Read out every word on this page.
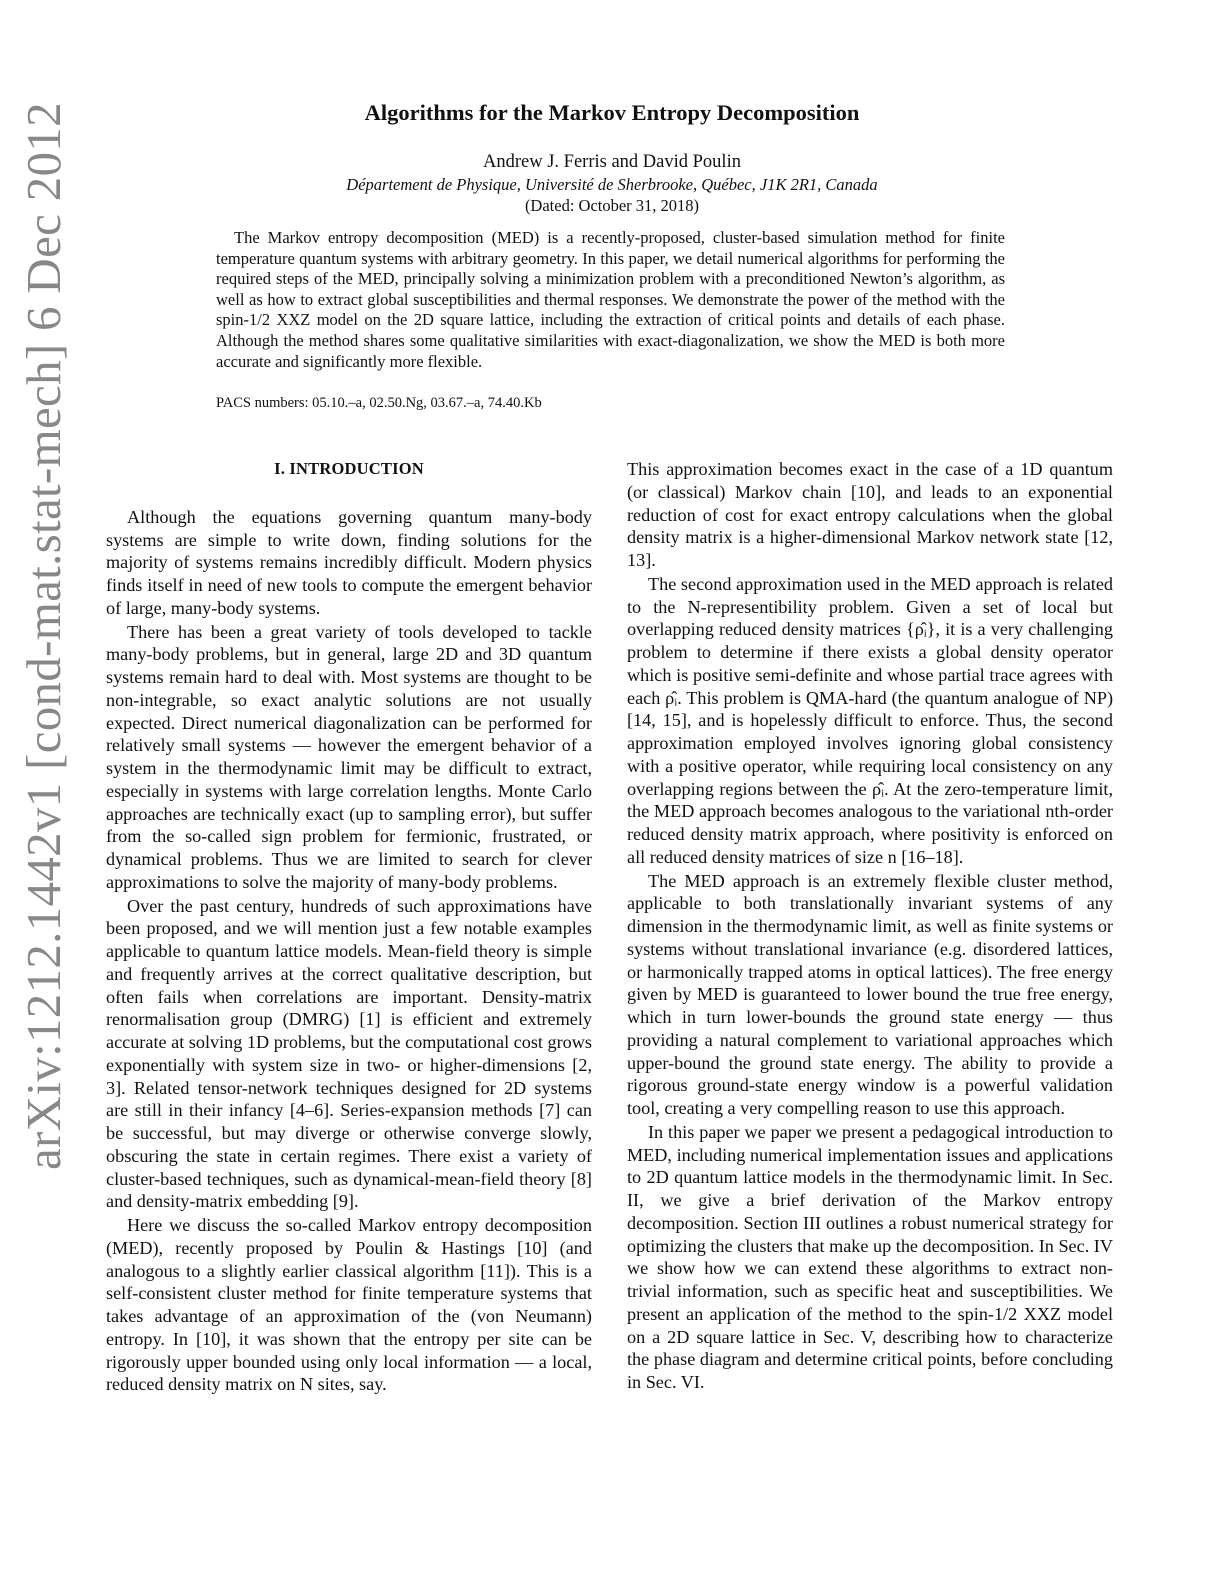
arXiv:1212.1442v1 [cond-mat.stat-mech] 6 Dec 2012	Algorithms for the Markov Entropy Decomposition
Andrew J. Ferris and David Poulin
Département de Physique, Université de Sherbrooke, Québec, J1K 2R1, Canada
(Dated: October 31, 2018)
The Markov entropy decomposition (MED) is a recently-proposed, cluster-based simulation method for finite temperature quantum systems with arbitrary geometry. In this paper, we detail numerical algorithms for performing the required steps of the MED, principally solving a minimization problem with a preconditioned Newton’s algorithm, as well as how to extract global susceptibilities and thermal responses. We demonstrate the power of the method with the spin-1/2 XXZ model on the 2D square lattice, including the extraction of critical points and details of each phase. Although the method shares some qualitative similarities with exact-diagonalization, we show the MED is both more accurate and significantly more flexible.
PACS numbers: 05.10.–a, 02.50.Ng, 03.67.–a, 74.40.Kb
I. INTRODUCTION

Although the equations governing quantum many-body systems are simple to write down, finding solutions for the majority of systems remains incredibly difficult. Modern physics finds itself in need of new tools to compute the emergent behavior of large, many-body systems.

There has been a great variety of tools developed to tackle many-body problems, but in general, large 2D and 3D quantum systems remain hard to deal with. Most systems are thought to be non-integrable, so exact analytic solutions are not usually expected. Direct numerical diagonalization can be performed for relatively small systems — however the emergent behavior of a system in the thermodynamic limit may be difficult to extract, especially in systems with large correlation lengths. Monte Carlo approaches are technically exact (up to sampling error), but suffer from the so-called sign problem for fermionic, frustrated, or dynamical problems. Thus we are limited to search for clever approximations to solve the majority of many-body problems.

Over the past century, hundreds of such approximations have been proposed, and we will mention just a few notable examples applicable to quantum lattice models. Mean-field theory is simple and frequently arrives at the correct qualitative description, but often fails when correlations are important. Density-matrix renormalisation group (DMRG) [1] is efficient and extremely accurate at solving 1D problems, but the computational cost grows exponentially with system size in two- or higher-dimensions [2, 3]. Related tensor-network techniques designed for 2D systems are still in their infancy [4–6]. Series-expansion methods [7] can be successful, but may diverge or otherwise converge slowly, obscuring the state in certain regimes. There exist a variety of cluster-based techniques, such as dynamical-mean-field theory [8] and density-matrix embedding [9].

Here we discuss the so-called Markov entropy decomposition (MED), recently proposed by Poulin & Hastings [10] (and analogous to a slightly earlier classical algorithm [11]). This is a self-consistent cluster method for finite temperature systems that takes advantage of an approximation of the (von Neumann) entropy. In [10], it was shown that the entropy per site can be rigorously upper bounded using only local information — a local, reduced density matrix on N sites, say.

This approximation becomes exact in the case of a 1D quantum (or classical) Markov chain [10], and leads to an exponential reduction of cost for exact entropy calculations when the global density matrix is a higher-dimensional Markov network state [12, 13].

The second approximation used in the MED approach is related to the N-representibility problem. Given a set of local but overlapping reduced density matrices {ρ̂ᵢ}, it is a very challenging problem to determine if there exists a global density operator which is positive semi-definite and whose partial trace agrees with each ρ̂ᵢ. This problem is QMA-hard (the quantum analogue of NP) [14, 15], and is hopelessly difficult to enforce. Thus, the second approximation employed involves ignoring global consistency with a positive operator, while requiring local consistency on any overlapping regions between the ρ̂ᵢ. At the zero-temperature limit, the MED approach becomes analogous to the variational nth-order reduced density matrix approach, where positivity is enforced on all reduced density matrices of size n [16–18].

The MED approach is an extremely flexible cluster method, applicable to both translationally invariant systems of any dimension in the thermodynamic limit, as well as finite systems or systems without translational invariance (e.g. disordered lattices, or harmonically trapped atoms in optical lattices). The free energy given by MED is guaranteed to lower bound the true free energy, which in turn lower-bounds the ground state energy — thus providing a natural complement to variational approaches which upper-bound the ground state energy. The ability to provide a rigorous ground-state energy window is a powerful validation tool, creating a very compelling reason to use this approach.

In this paper we paper we present a pedagogical introduction to MED, including numerical implementation issues and applications to 2D quantum lattice models in the thermodynamic limit. In Sec. II, we give a brief derivation of the Markov entropy decomposition. Section III outlines a robust numerical strategy for optimizing the clusters that make up the decomposition. In Sec. IV we show how we can extend these algorithms to extract non-trivial information, such as specific heat and susceptibilities. We present an application of the method to the spin-1/2 XXZ model on a 2D square lattice in Sec. V, describing how to characterize the phase diagram and determine critical points, before concluding in Sec. VI.
